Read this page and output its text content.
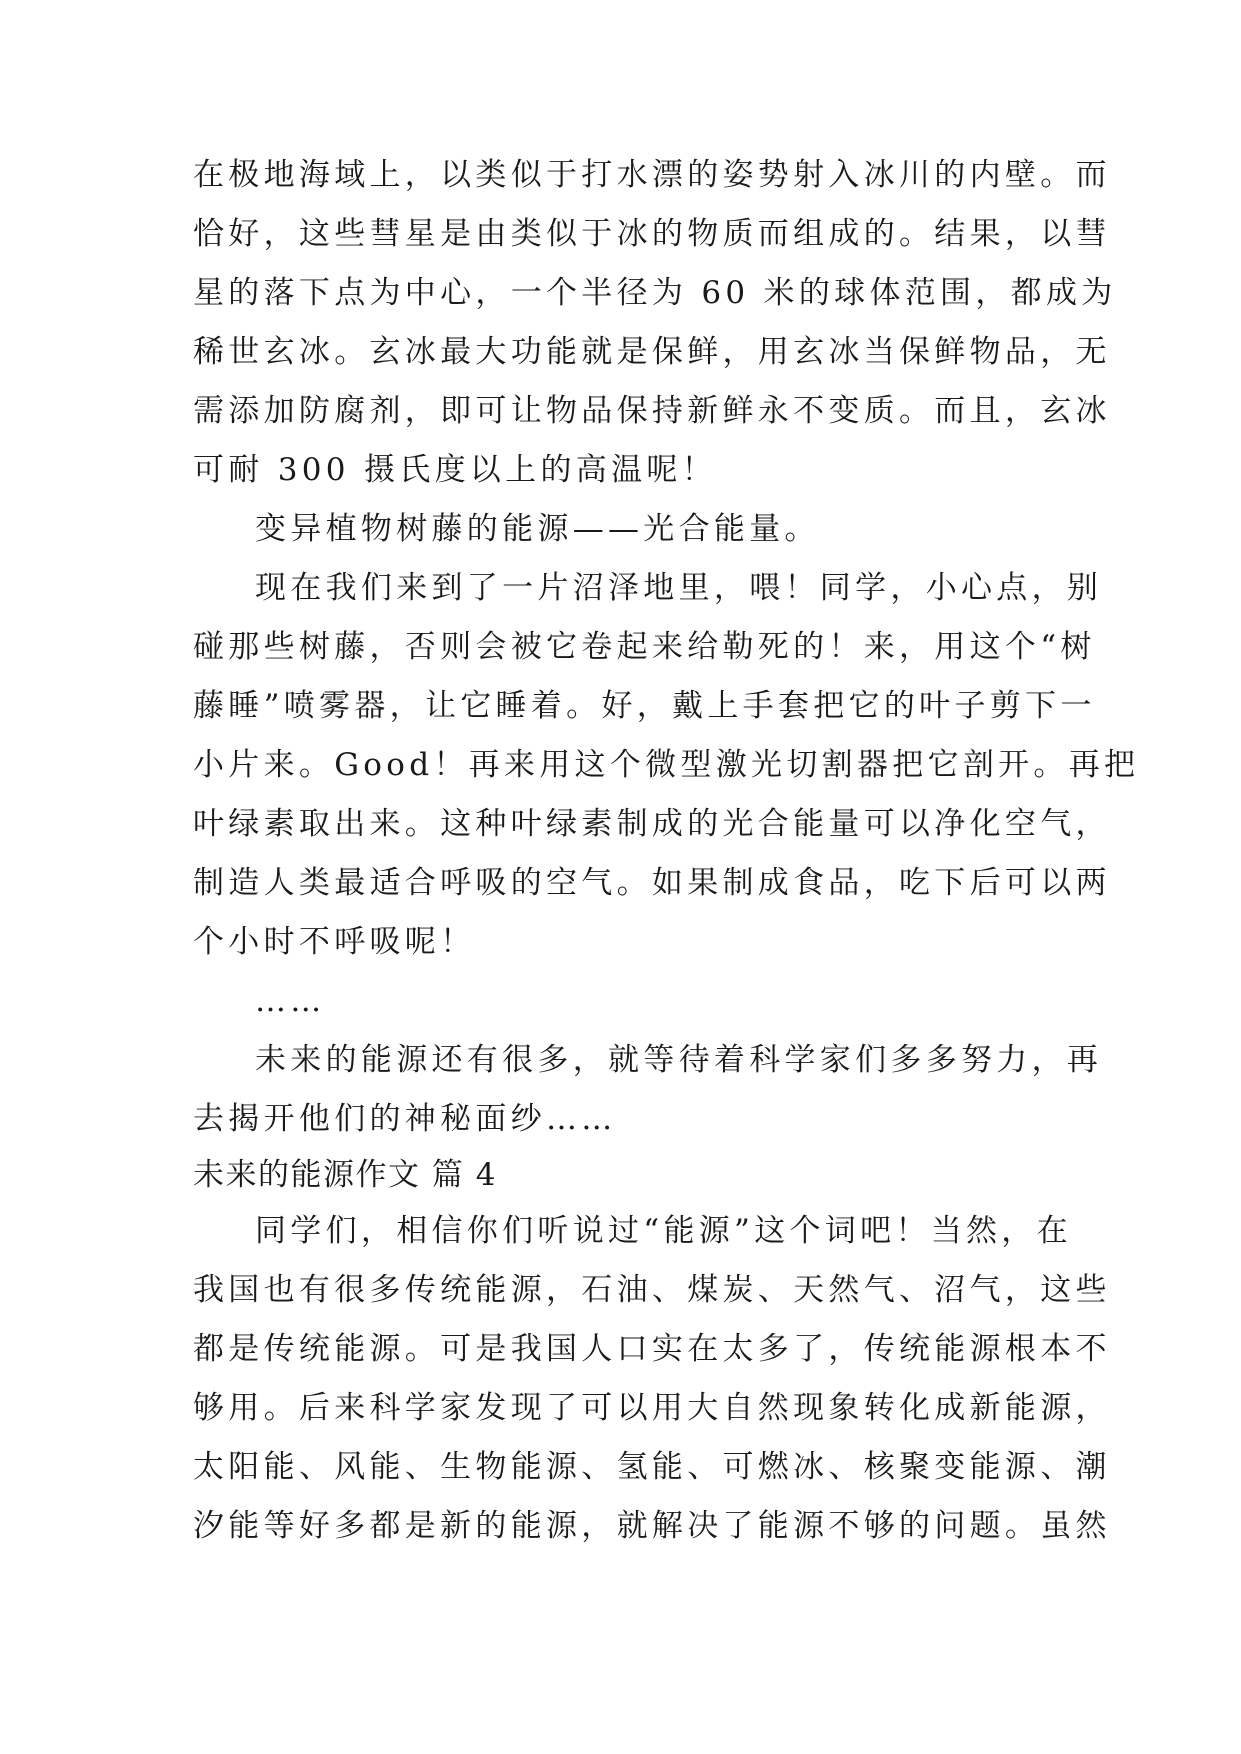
在极地海域上，以类似于打水漂的姿势射入冰川的内壁。而
恰好，这些彗星是由类似于冰的物质而组成的。结果，以彗
星的落下点为中心，一个半径为 60 米的球体范围，都成为
稀世玄冰。玄冰最大功能就是保鲜，用玄冰当保鲜物品，无
需添加防腐剂，即可让物品保持新鲜永不变质。而且，玄冰
可耐 300 摄氏度以上的高温呢！
变异植物树藤的能源——光合能量。
现在我们来到了一片沼泽地里，喂！同学，小心点，别
碰那些树藤，否则会被它卷起来给勒死的！来，用这个“树
藤睡”喷雾器，让它睡着。好，戴上手套把它的叶子剪下一
小片来。Good！再来用这个微型激光切割器把它剖开。再把
叶绿素取出来。这种叶绿素制成的光合能量可以净化空气，
制造人类最适合呼吸的空气。如果制成食品，吃下后可以两
个小时不呼吸呢！
……
未来的能源还有很多，就等待着科学家们多多努力，再
去揭开他们的神秘面纱……
未来的能源作文 篇 4
同学们，相信你们听说过“能源”这个词吧！当然，在
我国也有很多传统能源，石油、煤炭、天然气、沼气，这些
都是传统能源。可是我国人口实在太多了，传统能源根本不
够用。后来科学家发现了可以用大自然现象转化成新能源，
太阳能、风能、生物能源、氢能、可燃冰、核聚变能源、潮
汐能等好多都是新的能源，就解决了能源不够的问题。虽然
